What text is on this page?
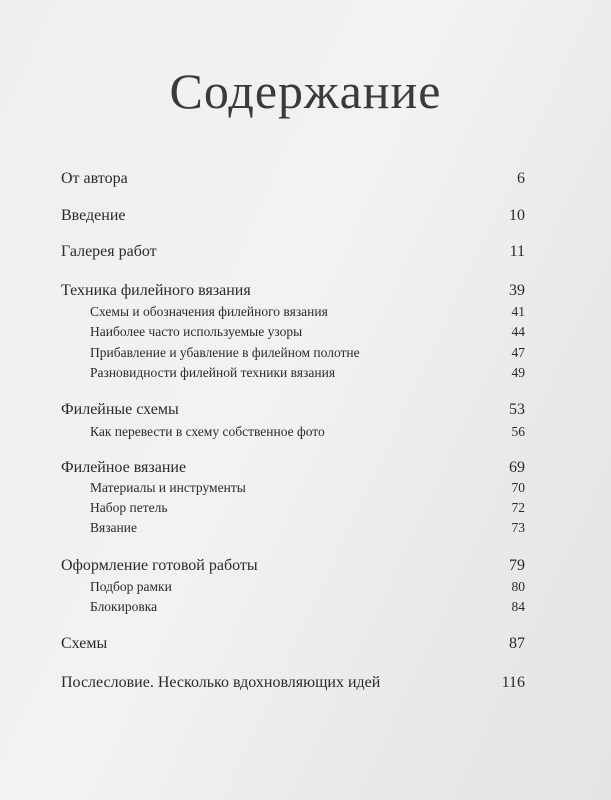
Содержание
От автора	6
Введение	10
Галерея работ	11
Техника филейного вязания	39
Схемы и обозначения филейного вязания	41
Наиболее часто используемые узоры	44
Прибавление и убавление в филейном полотне	47
Разновидности филейной техники вязания	49
Филейные схемы	53
Как перевести в схему собственное фото	56
Филейное вязание	69
Материалы и инструменты	70
Набор петель	72
Вязание	73
Оформление готовой работы	79
Подбор рамки	80
Блокировка	84
Схемы	87
Послесловие. Несколько вдохновляющих идей	116
